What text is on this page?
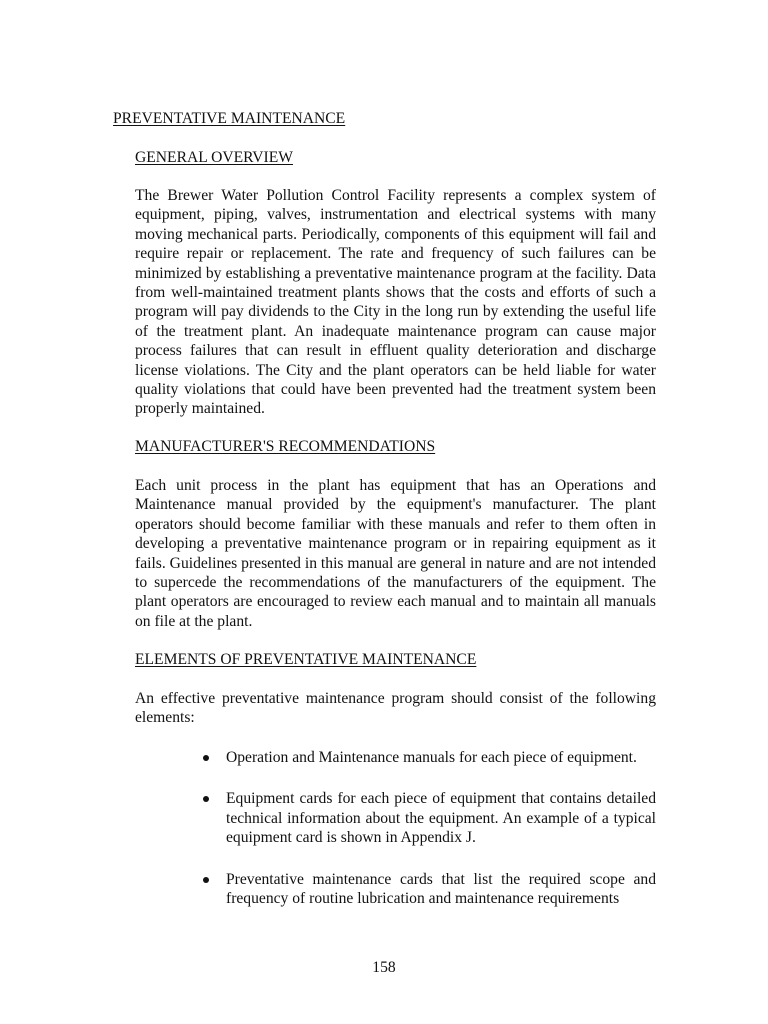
PREVENTATIVE MAINTENANCE
GENERAL OVERVIEW

The Brewer Water Pollution Control Facility represents a complex system of equipment, piping, valves, instrumentation and electrical systems with many moving mechanical parts. Periodically, components of this equipment will fail and require repair or replacement. The rate and frequency of such failures can be minimized by establishing a preventative maintenance program at the facility. Data from well-maintained treatment plants shows that the costs and efforts of such a program will pay dividends to the City in the long run by extending the useful life of the treatment plant. An inadequate maintenance program can cause major process failures that can result in effluent quality deterioration and discharge license violations. The City and the plant operators can be held liable for water quality violations that could have been prevented had the treatment system been properly maintained.

MANUFACTURER'S RECOMMENDATIONS

Each unit process in the plant has equipment that has an Operations and Maintenance manual provided by the equipment's manufacturer. The plant operators should become familiar with these manuals and refer to them often in developing a preventative maintenance program or in repairing equipment as it fails. Guidelines presented in this manual are general in nature and are not intended to supercede the recommendations of the manufacturers of the equipment. The plant operators are encouraged to review each manual and to maintain all manuals on file at the plant.

ELEMENTS OF PREVENTATIVE MAINTENANCE

An effective preventative maintenance program should consist of the following elements:

Operation and Maintenance manuals for each piece of equipment.
Equipment cards for each piece of equipment that contains detailed technical information about the equipment. An example of a typical equipment card is shown in Appendix J.
Preventative maintenance cards that list the required scope and frequency of routine lubrication and maintenance requirements

158
